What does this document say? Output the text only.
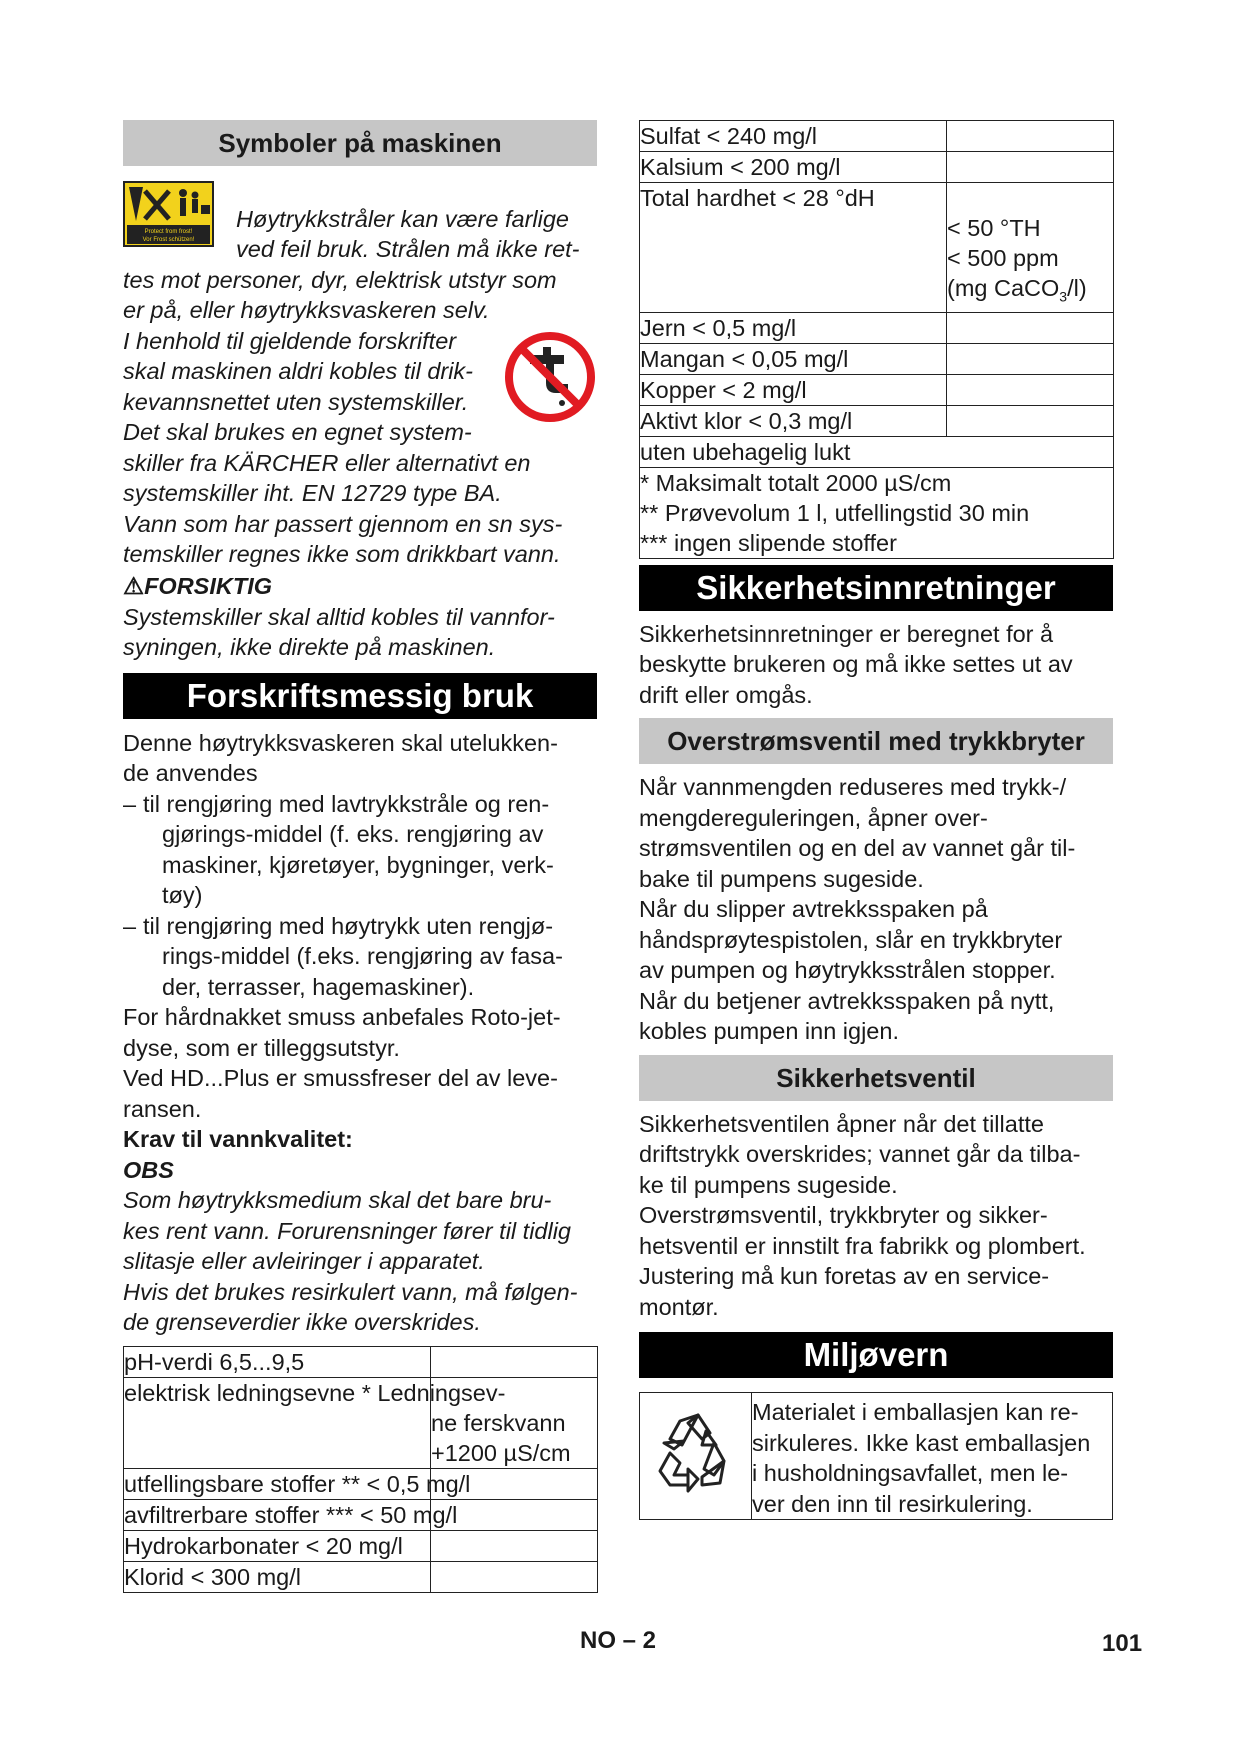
Symboler på maskinen
Protect from frost!
Vor Frost schützen!
Høytrykkstråler kan være farlige
ved feil bruk. Strålen må ikke ret-
tes mot personer, dyr, elektrisk utstyr som
er på, eller høytrykksvaskeren selv.
I henhold til gjeldende forskrifter
skal maskinen aldri kobles til drik-
kevannsnettet uten systemskiller.
Det skal brukes en egnet system-
skiller fra KÄRCHER eller alternativt en
systemskiller iht. EN 12729 type BA.
Vann som har passert gjennom en sn sys-
temskiller regnes ikke som drikkbart vann.
⚠FORSIKTIG
Systemskiller skal alltid kobles til vannfor-
syningen, ikke direkte på maskinen.
Forskriftsmessig bruk
Denne høytrykksvaskeren skal utelukken-
de anvendes
– til rengjøring med lavtrykkstråle og ren-
gjørings-middel (f. eks. rengjøring av
maskiner, kjøretøyer, bygninger, verk-
tøy)
– til rengjøring med høytrykk uten rengjø-
rings-middel (f.eks. rengjøring av fasa-
der, terrasser, hagemaskiner).
For hårdnakket smuss anbefales Roto-jet-
dyse, som er tilleggsutstyr.
Ved HD...Plus er smussfreser del av leve-
ransen.
Krav til vannkvalitet:
OBS
Som høytrykksmedium skal det bare bru-
kes rent vann. Forurensninger fører til tidlig
slitasje eller avleiringer i apparatet.
Hvis det brukes resirkulert vann, må følgen-
de grenseverdier ikke overskrides.
pH-verdi 6,5...9,5	

elektrisk ledningsevne * Ledningsev-	ne ferskvann
+1200 µS/cm

utfellingsbare stoffer ** < 0,5 mg/l	

avfiltrerbare stoffer *** < 50 mg/l	

Hydrokarbonater < 20 mg/l	
Klorid < 300 mg/l	
Sulfat < 240 mg/l	
Kalsium < 200 mg/l	
Total hardhet < 28 °dH	< 50 °TH
< 500 ppm
(mg CaCO$_3$/l)

Jern < 0,5 mg/l	
Mangan < 0,05 mg/l	
Kopper < 2 mg/l	
Aktivt klor < 0,3 mg/l	
uten ubehagelig lukt	

* Maksimalt totalt 2000 µS/cm
** Prøvevolum 1 l, utfellingstid 30 min
*** ingen slipende stoffer	
Sikkerhetsinnretninger
Sikkerhetsinnretninger er beregnet for å
beskytte brukeren og må ikke settes ut av
drift eller omgås.
Overstrømsventil med trykkbryter
Når vannmengden reduseres med trykk-/
mengdereguleringen, åpner over-
strømsventilen og en del av vannet går til-
bake til pumpens sugeside.
Når du slipper avtrekksspaken på
håndsprøytespistolen, slår en trykkbryter
av pumpen og høytrykksstrålen stopper.
Når du betjener avtrekksspaken på nytt,
kobles pumpen inn igjen.
Sikkerhetsventil
Sikkerhetsventilen åpner når det tillatte
driftstrykk overskrides; vannet går da tilba-
ke til pumpens sugeside.
Overstrømsventil, trykkbryter og sikker-
hetsventil er innstilt fra fabrikk og plombert.
Justering må kun foretas av en service-
montør.
Miljøvern
Materialet i emballasjen kan re-
sirkuleres. Ikke kast emballasjen
i husholdningsavfallet, men le-
ver den inn til resirkulering.
NO – 2	101
